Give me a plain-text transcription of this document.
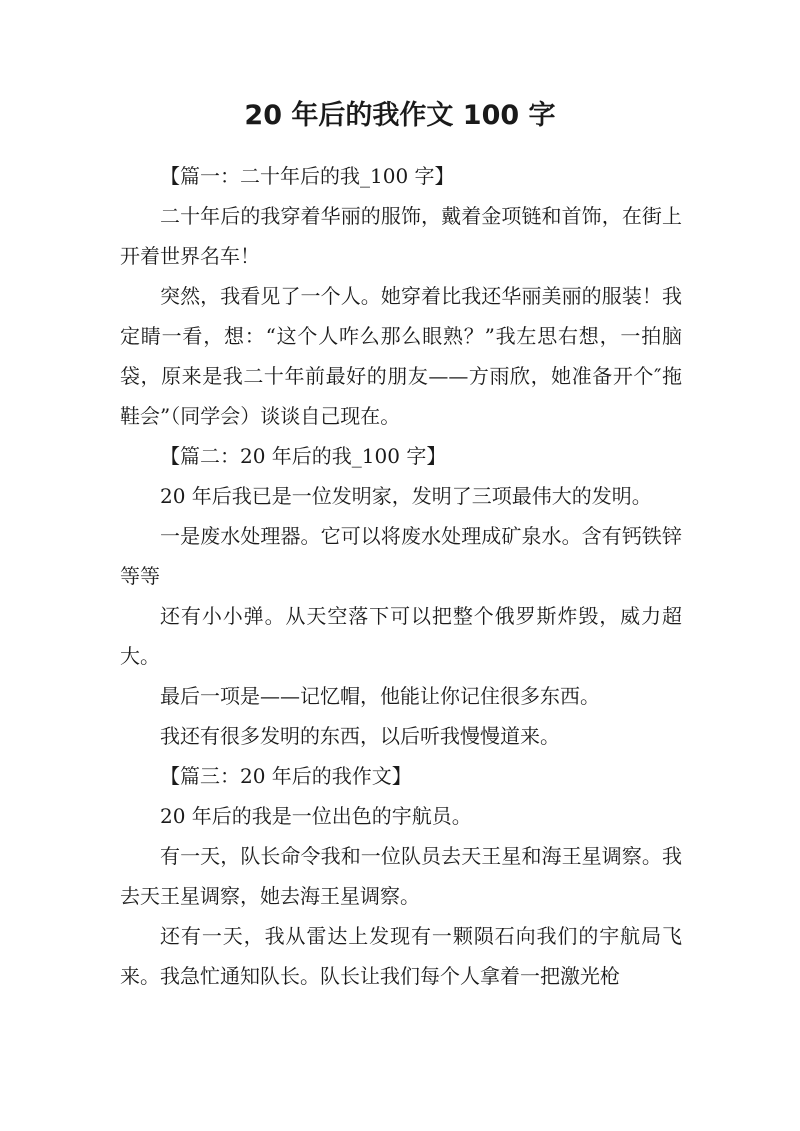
20 年后的我作文 100 字

【篇一：二十年后的我_100 字】

二十年后的我穿着华丽的服饰，戴着金项链和首饰，在街上开着世界名车！

突然，我看见了一个人。她穿着比我还华丽美丽的服装！我定睛一看，想：“这个人咋么那么眼熟？”我左思右想，一拍脑袋，原来是我二十年前最好的朋友——方雨欣，她准备开个″拖鞋会”（同学会）谈谈自己现在。

【篇二：20 年后的我_100 字】

20 年后我已是一位发明家，发明了三项最伟大的发明。

一是废水处理器。它可以将废水处理成矿泉水。含有钙铁锌等等

还有小小弹。从天空落下可以把整个俄罗斯炸毁，威力超大。

最后一项是——记忆帽，他能让你记住很多东西。

我还有很多发明的东西，以后听我慢慢道来。

【篇三：20 年后的我作文】

20 年后的我是一位出色的宇航员。

有一天，队长命令我和一位队员去天王星和海王星调察。我去天王星调察，她去海王星调察。

还有一天，我从雷达上发现有一颗陨石向我们的宇航局飞来。我急忙通知队长。队长让我们每个人拿着一把激光枪
